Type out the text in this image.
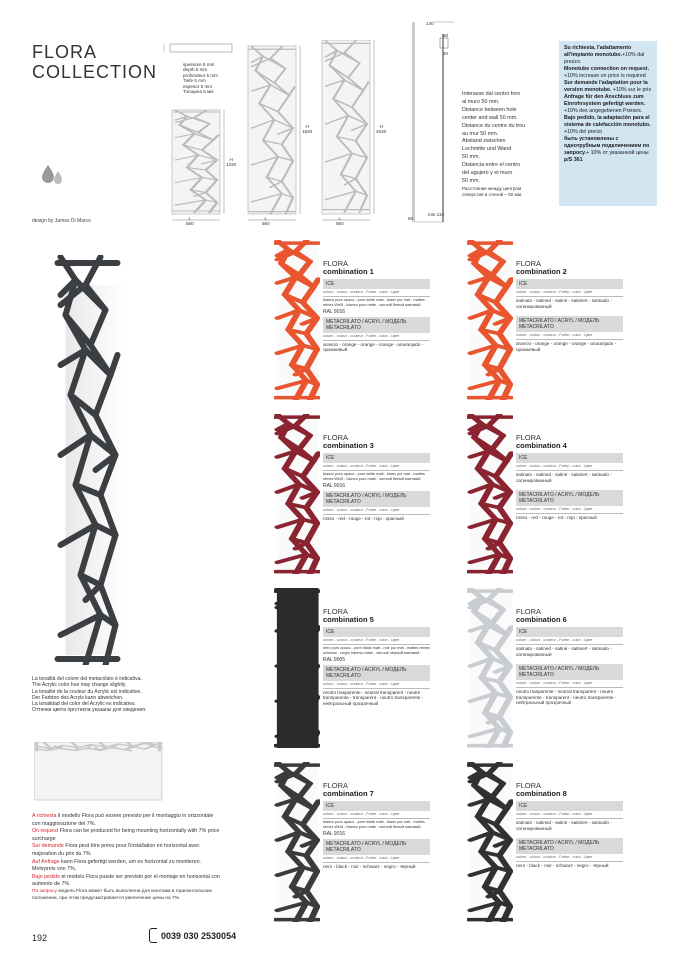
FLORA
COLLECTION
design by James Di Marco
spessore 5 mm
depth 5 mm
profondeur 5 mm
Tiefe 5 mm
espesor 5 mm
Толщина 5 мм
H
1220
H
1820
H
2020
L
560
L
560
L
560
140
50
40
50
min 110
Interasse dal centro foro
al muro 50 mm.
Distance between hole
center and wall 50 mm.
Distance du centre du trou
au mur 50 mm.
Abstand zwischen
Lochmitte und Wand
50 mm.
Distancia entre el centro
del agujero y el muro
50 mm.
Расстояние между центром
отверстия и стеной – 50 мм.
Su richiesta, l'adattamento all'impianto monotubo.+10% dal prezzo.
Monotube connection on request. +10% increase on price is required
Sur demande l'adaptation pour la version monotube. +10% sur le prix
Anfrage für den Anschluss zum Einrohrsystem gefertigt werden. +10% des angegebenen Preises.
Bajo pedido, la adaptación para el sistema de calefacción monotubo. +10% del precio
быть установлены с однотрубным подключением по запросу.+ 10% от указанной цены
p/S 361
La tonalità del colore del metacrilato è indicativa.
The Acrylic color hue may change slightly.
La tonalité de la couleur du Acrylic est indicative.
Der Farbton des Acryls kann abweichen.
La tonalidad del color del Acrylic es indicativa.
Оттенки цвета оргстекла указаны для сведения.
A richiesta il modello Flora può essere previsto per il montaggio in orizzontale con maggiorazione del 7%.
On request Flora can be produced for being mounting horizontally with 7% price surcharge
Sur demande Flora peut être prévu pour l'installation en horizontal avec majoration du prix du 7%
Auf Anfrage kann Flora gefertigt werden, um es horizontal zu montieren. Mehrpreis von 7%.
Bajo pedido el modelo Flora puede ser previsto por el montaje en horizontal con aumento de 7%.
По запросу модель Flora может быть выполнена для монтажа в горизонтальном положении, при этом предусматривается увеличение цены на 7%.
192	0039 030 2530054
FLORA
combination 1
ICE
colore - colour - couleur - Farbe - color - Цвет
bianco puro opaco - pure white matt - blanc pur mat - mattes reines Weiß - blanco puro mate - чистый белый матовый
RAL 9016
METACRILATO / ACRYL / МОДЕЛЬ METACRILATO
colore - colour - couleur - Farbe - color - Цвет
arancio - orange - orange - orange - anaranjado - оранжевый
FLORA
combination 2
ICE
colore - colour - couleur - Farbe - color - Цвет
satinato - satined - satiné - satiniert - satinado - сатинированный
METACRILATO / ACRYL / МОДЕЛЬ METACRILATO
colore - colour - couleur - Farbe - color - Цвет
arancio - orange - orange - orange - anaranjado - оранжевый
FLORA
combination 3
ICE
colore - colour - couleur - Farbe - color - Цвет
bianco puro opaco - pure white matt - blanc pur mat - mattes reines Weiß - blanco puro mate - чистый белый матовый
RAL 9016
METACRILATO / ACRYL / МОДЕЛЬ METACRILATO
colore - colour - couleur - Farbe - color - Цвет
rosso - red - rouge - rot - rojo - красный
FLORA
combination 4
ICE
colore - colour - couleur - Farbe - color - Цвет
satinato - satined - satiné - satiniert - satinado - сатинированный
METACRILATO / ACRYL / МОДЕЛЬ METACRILATO
colore - colour - couleur - Farbe - color - Цвет
rosso - red - rouge - rot - rojo - красный
FLORA
combination 5
ICE
colore - colour - couleur - Farbe - color - Цвет
nero puro opaco - pure black matt - noir pur mat - mattes reines schwarz - negro intenso mate - чистый чёрный матовый
RAL 9005
METACRILATO / ACRYL / МОДЕЛЬ METACRILATO
colore - colour - couleur - Farbe - color - Цвет
neutro trasparente - neutral transparent - neutre transparente - transparent - neutro transparente - нейтральный прозрачный
FLORA
combination 6
ICE
colore - colour - couleur - Farbe - color - Цвет
satinato - satined - satiné - satiniert - satinado - сатинированный
METACRILATO / ACRYL / МОДЕЛЬ METACRILATO
colore - colour - couleur - Farbe - color - Цвет
neutro trasparente - neutral transparent - neutre transparente - transparent - neutro transparente - нейтральный прозрачный
FLORA
combination 7
ICE
colore - colour - couleur - Farbe - color - Цвет
bianco puro opaco - pure white matt - blanc pur mat - mattes reines Weiß - blanco puro mate - чистый белый матовый
RAL 9016
METACRILATO / ACRYL / МОДЕЛЬ METACRILATO
colore - colour - couleur - Farbe - color - Цвет
nero - black - noir - schwarz - negro - чёрный
FLORA
combination 8
ICE
colore - colour - couleur - Farbe - color - Цвет
satinato - satined - satiné - satiniert - satinado - сатинированный
METACRILATO / ACRYL / МОДЕЛЬ METACRILATO
colore - colour - couleur - Farbe - color - Цвет
nero - black - noir - schwarz - negro - чёрный
